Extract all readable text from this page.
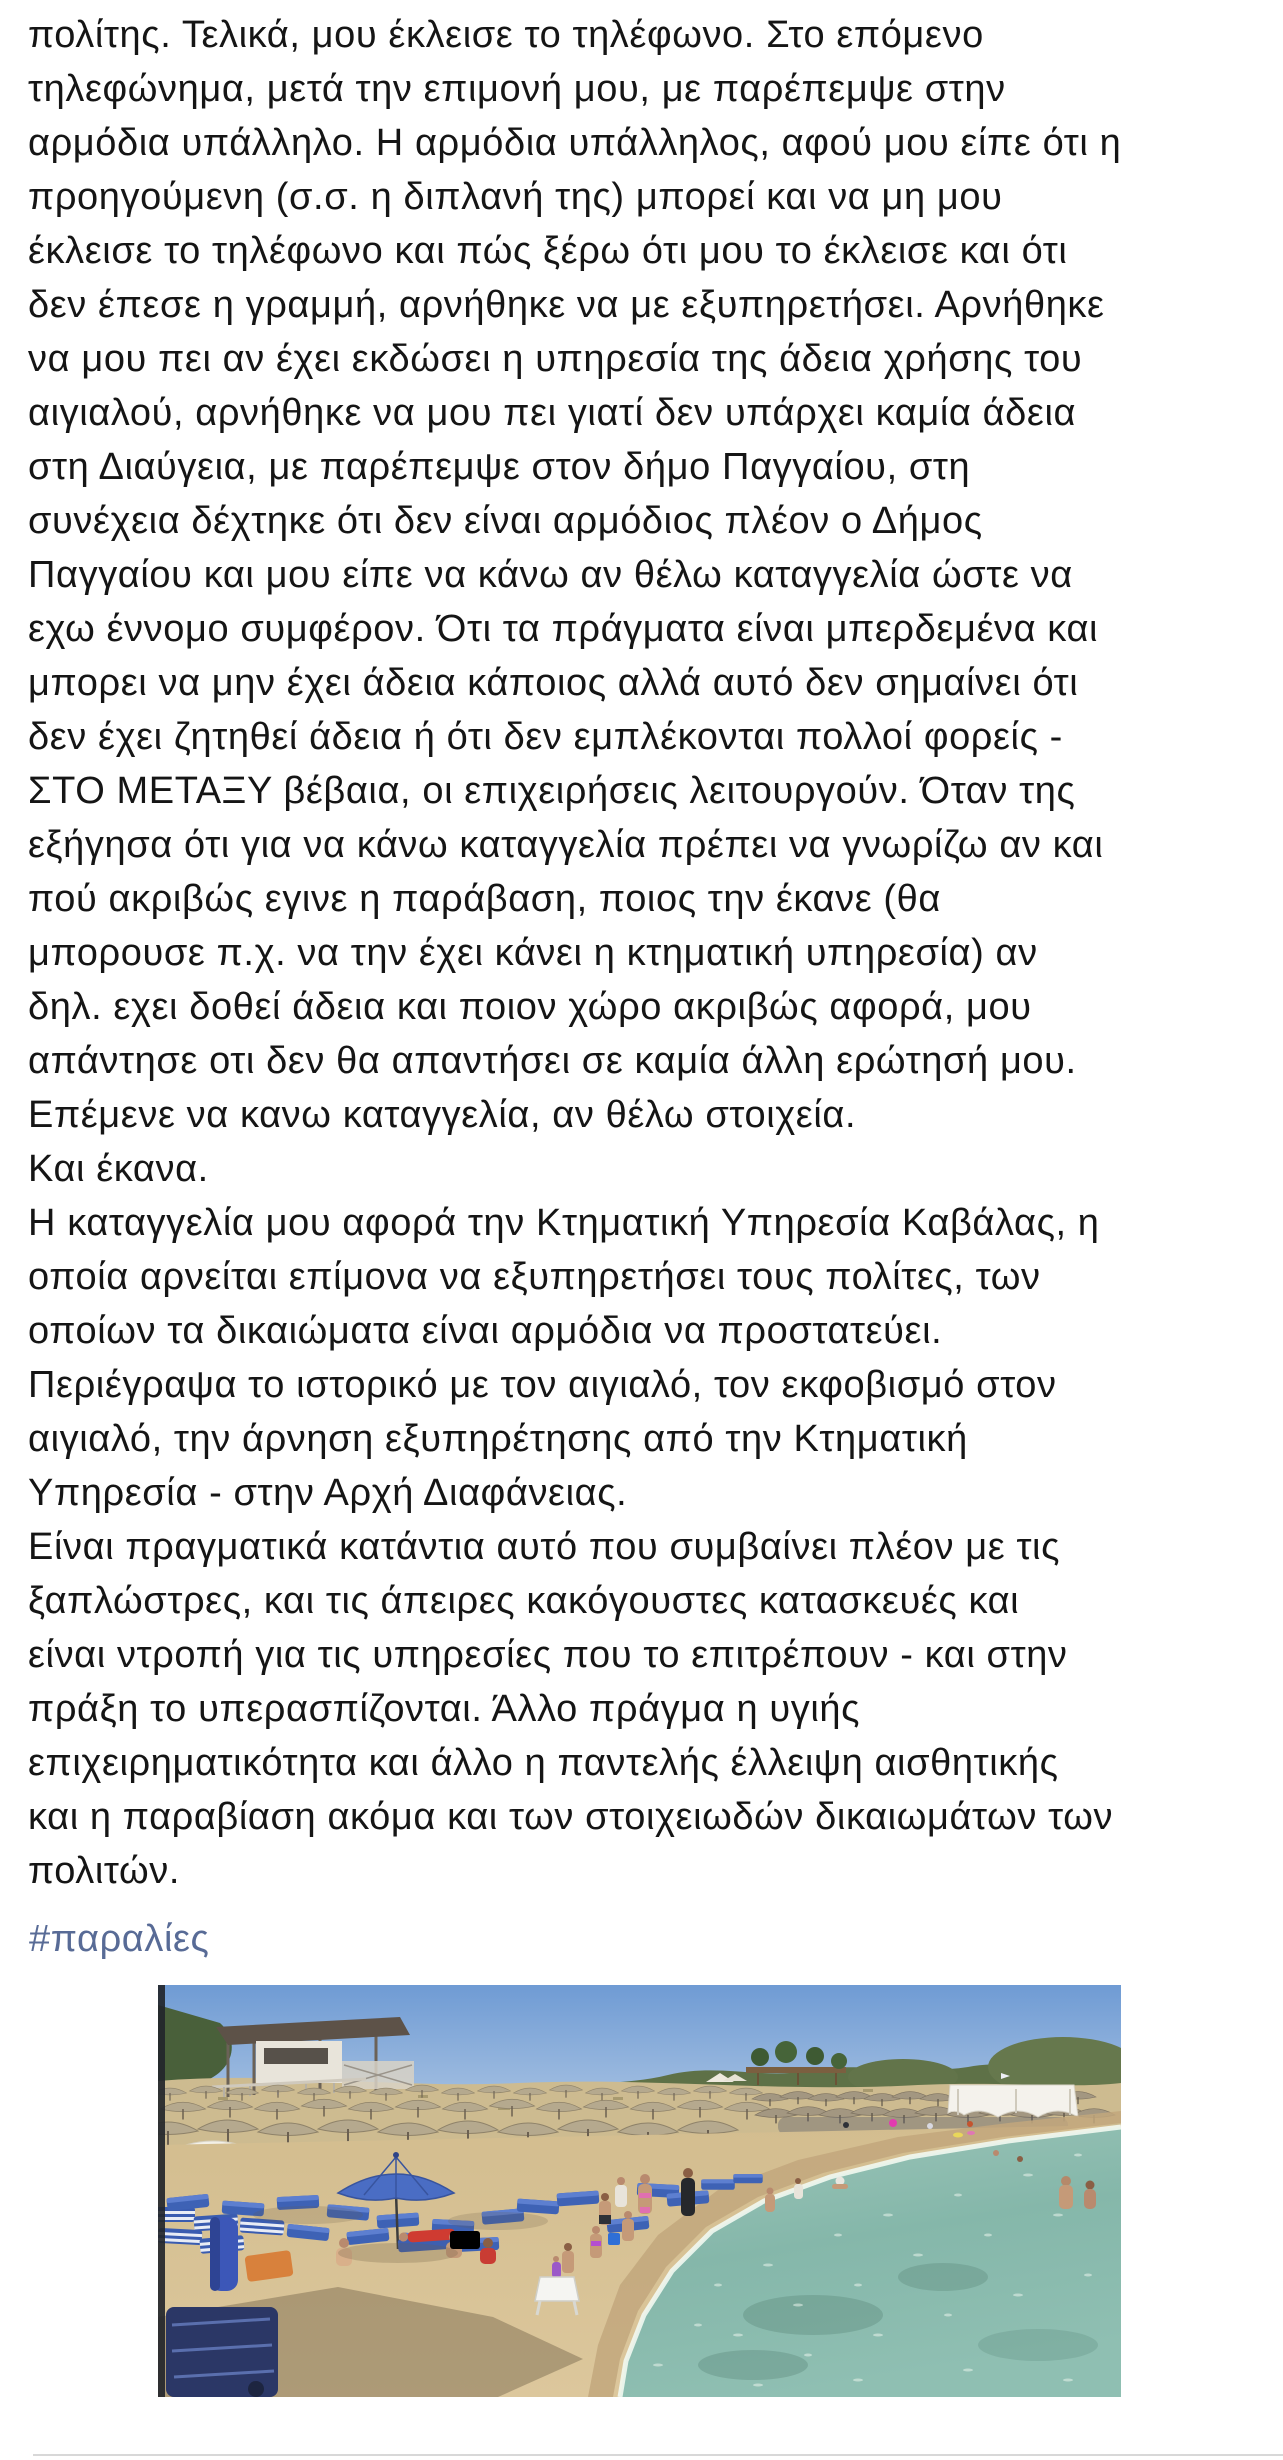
πολίτης. Τελικά, μου έκλεισε το τηλέφωνο. Στο επόμενο
τηλεφώνημα, μετά την επιμονή μου, με παρέπεμψε στην
αρμόδια υπάλληλο. Η αρμόδια υπάλληλος, αφού μου είπε ότι η
προηγούμενη (σ.σ. η διπλανή της) μπορεί και να μη μου
έκλεισε το τηλέφωνο και πώς ξέρω ότι μου το έκλεισε και ότι
δεν έπεσε η γραμμή, αρνήθηκε να με εξυπηρετήσει. Αρνήθηκε
να μου πει αν έχει εκδώσει η υπηρεσία της άδεια χρήσης του
αιγιαλού, αρνήθηκε να μου πει γιατί δεν υπάρχει καμία άδεια
στη Διαύγεια, με παρέπεμψε στον δήμο Παγγαίου, στη
συνέχεια δέχτηκε ότι δεν είναι αρμόδιος πλέον ο Δήμος
Παγγαίου και μου είπε να κάνω αν θέλω καταγγελία ώστε να
εχω έννομο συμφέρον. Ότι τα πράγματα είναι μπερδεμένα και
μπορει να μην έχει άδεια κάποιος αλλά αυτό δεν σημαίνει ότι
δεν έχει ζητηθεί άδεια ή ότι δεν εμπλέκονται πολλοί φορείς -
ΣΤΟ ΜΕΤΑΞΥ βέβαια, οι επιχειρήσεις λειτουργούν. Όταν της
εξήγησα ότι για να κάνω καταγγελία πρέπει να γνωρίζω αν και
πού ακριβώς εγινε η παράβαση, ποιος την έκανε (θα
μπορουσε π.χ. να την έχει κάνει η κτηματική υπηρεσία) αν
δηλ. εχει δοθεί άδεια και ποιον χώρο ακριβώς αφορά, μου
απάντησε οτι δεν θα απαντήσει σε καμία άλλη ερώτησή μου.
Επέμενε να κανω καταγγελία, αν θέλω στοιχεία.
Και έκανα.
Η καταγγελία μου αφορά την Κτηματική Υπηρεσία Καβάλας, η
οποία αρνείται επίμονα να εξυπηρετήσει τους πολίτες, των
οποίων τα δικαιώματα είναι αρμόδια να προστατεύει.
Περιέγραψα το ιστορικό με τον αιγιαλό, τον εκφοβισμό στον
αιγιαλό, την άρνηση εξυπηρέτησης από την Κτηματική
Υπηρεσία - στην Αρχή Διαφάνειας.
Είναι πραγματικά κατάντια αυτό που συμβαίνει πλέον με τις
ξαπλώστρες, και τις άπειρες κακόγουστες κατασκευές και
είναι ντροπή για τις υπηρεσίες που το επιτρέπουν - και στην
πράξη το υπερασπίζονται. Άλλο πράγμα η υγιής
επιχειρηματικότητα και άλλο η παντελής έλλειψη αισθητικής
και η παραβίαση ακόμα και των στοιχειωδών δικαιωμάτων των
πολιτών.
#παραλίες
